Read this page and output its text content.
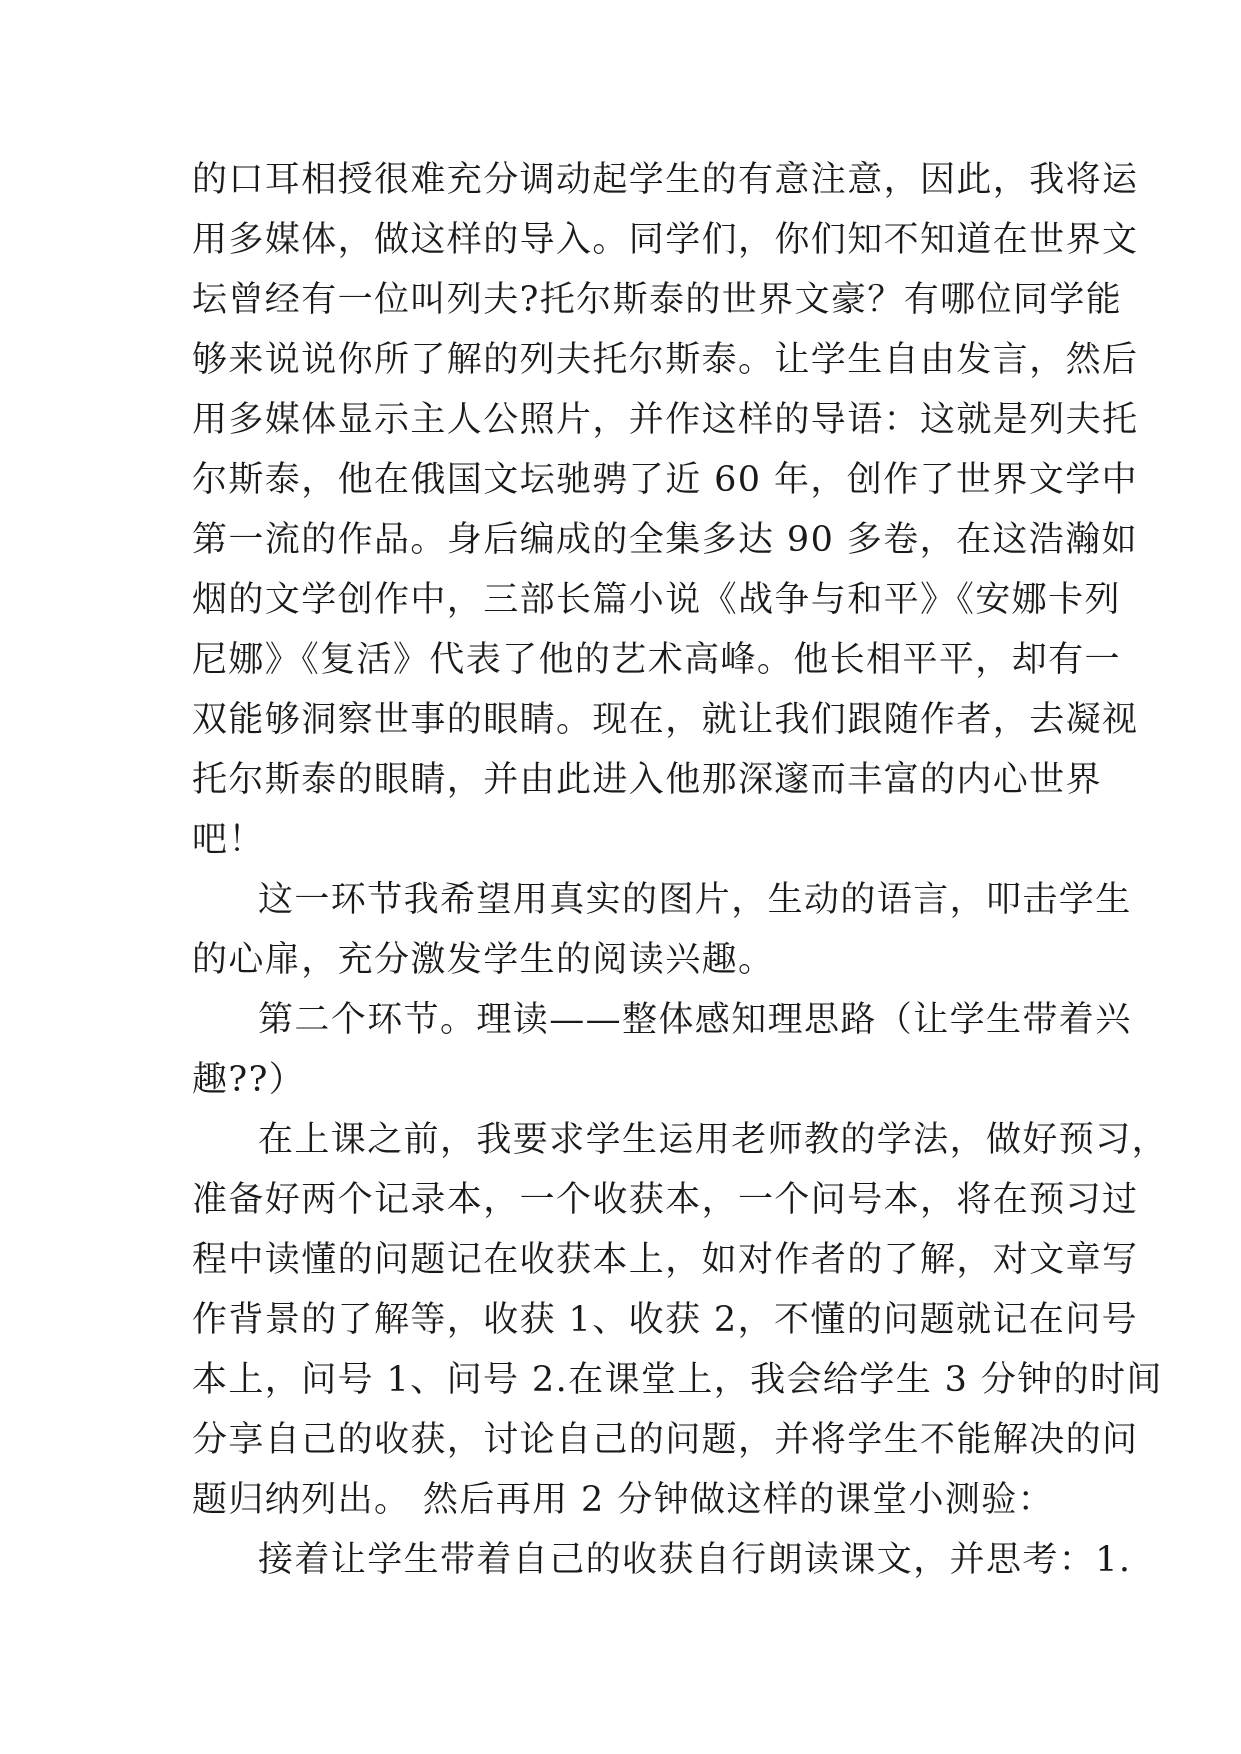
的口耳相授很难充分调动起学生的有意注意，因此，我将运
用多媒体，做这样的导入。同学们，你们知不知道在世界文
坛曾经有一位叫列夫?托尔斯泰的世界文豪？有哪位同学能
够来说说你所了解的列夫托尔斯泰。让学生自由发言，然后
用多媒体显示主人公照片，并作这样的导语：这就是列夫托
尔斯泰，他在俄国文坛驰骋了近 60 年，创作了世界文学中
第一流的作品。身后编成的全集多达 90 多卷，在这浩瀚如
烟的文学创作中，三部长篇小说《战争与和平》《安娜卡列
尼娜》《复活》代表了他的艺术高峰。他长相平平，却有一
双能够洞察世事的眼睛。现在，就让我们跟随作者，去凝视
托尔斯泰的眼睛，并由此进入他那深邃而丰富的内心世界
吧！
这一环节我希望用真实的图片，生动的语言，叩击学生
的心扉，充分激发学生的阅读兴趣。
第二个环节。理读——整体感知理思路（让学生带着兴
趣??）
在上课之前，我要求学生运用老师教的学法，做好预习，
准备好两个记录本，一个收获本，一个问号本，将在预习过
程中读懂的问题记在收获本上，如对作者的了解，对文章写
作背景的了解等，收获 1、收获 2，不懂的问题就记在问号
本上，问号 1、问号 2.在课堂上，我会给学生 3 分钟的时间
分享自己的收获，讨论自己的问题，并将学生不能解决的问
题归纳列出。 然后再用 2 分钟做这样的课堂小测验：
接着让学生带着自己的收获自行朗读课文，并思考：1.
